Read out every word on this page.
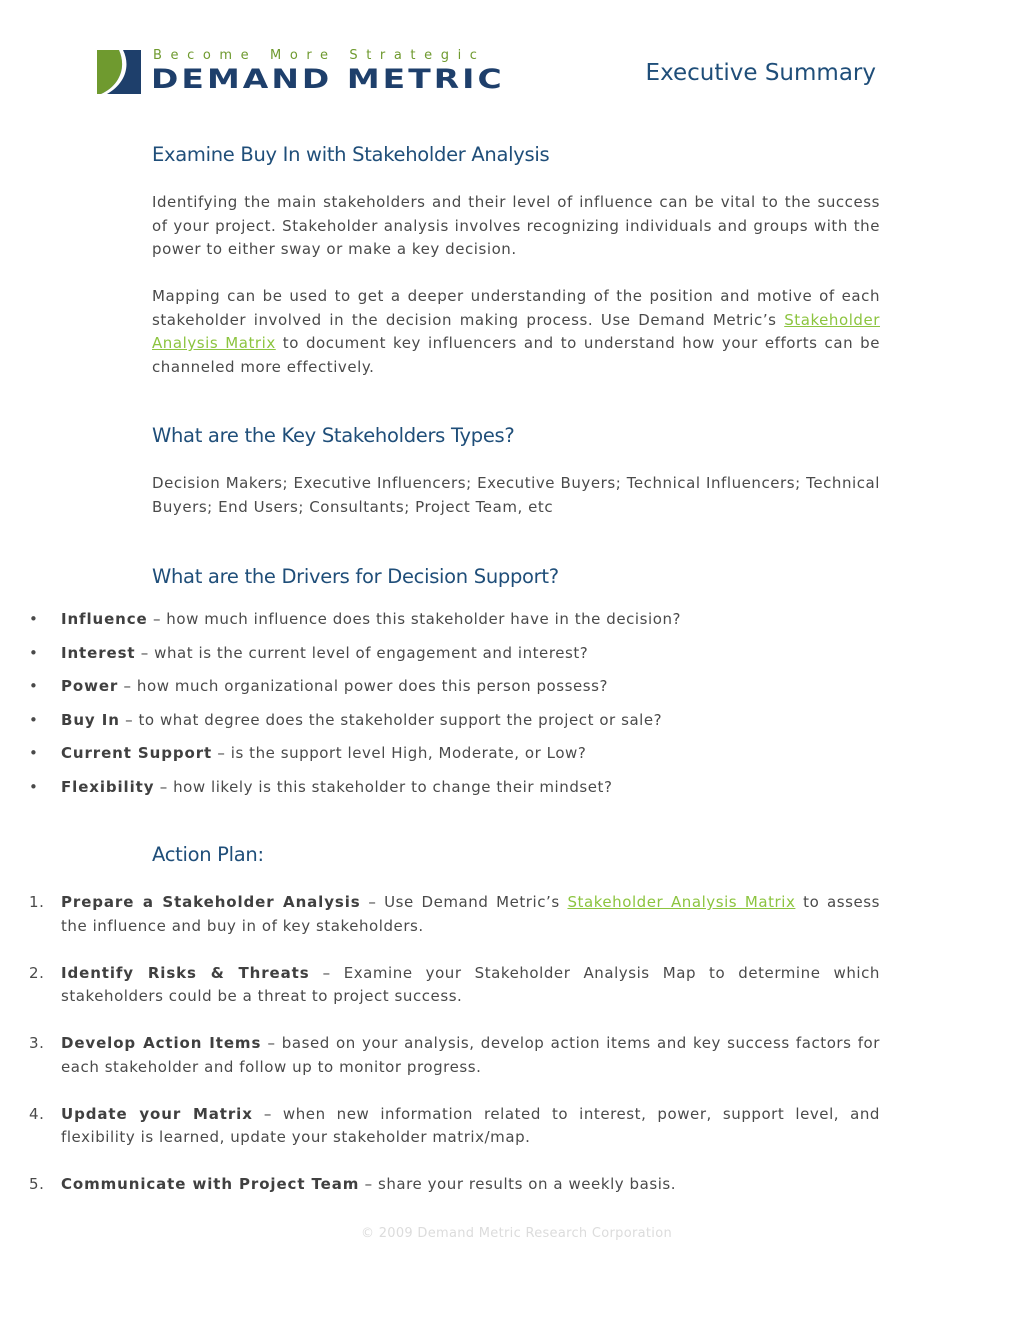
Become More Strategic
DEMAND METRIC	Executive Summary
Examine Buy In with Stakeholder Analysis

Identifying the main stakeholders and their level of influence can be vital to the success of your project. Stakeholder analysis involves recognizing individuals and groups with the power to either sway or make a key decision.

Mapping can be used to get a deeper understanding of the position and motive of each stakeholder involved in the decision making process. Use Demand Metric’s Stakeholder Analysis Matrix to document key influencers and to understand how your efforts can be channeled more effectively.

What are the Key Stakeholders Types?

Decision Makers; Executive Influencers; Executive Buyers; Technical Influencers; Technical Buyers; End Users; Consultants; Project Team, etc

What are the Drivers for Decision Support?
• Influence – how much influence does this stakeholder have in the decision?
• Interest – what is the current level of engagement and interest?
• Power – how much organizational power does this person possess?
• Buy In – to what degree does the stakeholder support the project or sale?
• Current Support – is the support level High, Moderate, or Low?
• Flexibility – how likely is this stakeholder to change their mindset?
Action Plan:
1. Prepare a Stakeholder Analysis – Use Demand Metric’s Stakeholder Analysis Matrix to assess the influence and buy in of key stakeholders.
2. Identify Risks & Threats – Examine your Stakeholder Analysis Map to determine which stakeholders could be a threat to project success.
3. Develop Action Items – based on your analysis, develop action items and key success factors for each stakeholder and follow up to monitor progress.
4. Update your Matrix – when new information related to interest, power, support level, and flexibility is learned, update your stakeholder matrix/map.
5. Communicate with Project Team – share your results on a weekly basis.
© 2009 Demand Metric Research Corporation
